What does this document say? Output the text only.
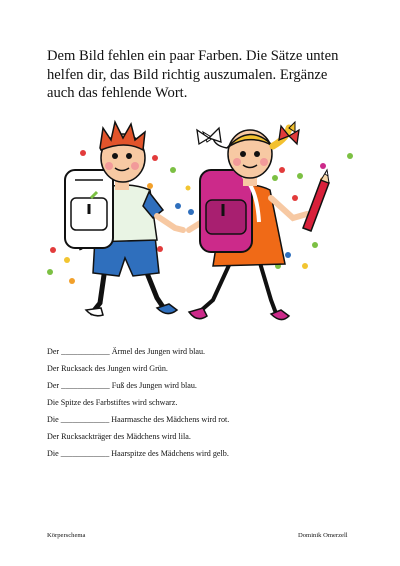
Dem Bild fehlen ein paar Farben. Die Sätze unten helfen dir, das Bild richtig auszumalen. Ergänze auch das fehlende Wort.

Der ____________ Ärmel des Jungen wird blau.
Der Rucksack des Jungen wird Grün.
Der ____________ Fuß des Jungen wird blau.
Die Spitze des Farbstiftes wird schwarz.
Die ____________ Haarmasche des Mädchens wird rot.
Der Rucksackträger des Mädchens wird lila.
Die ____________ Haarspitze des Mädchens wird gelb.
Körperschema	Dominik Omerzell
